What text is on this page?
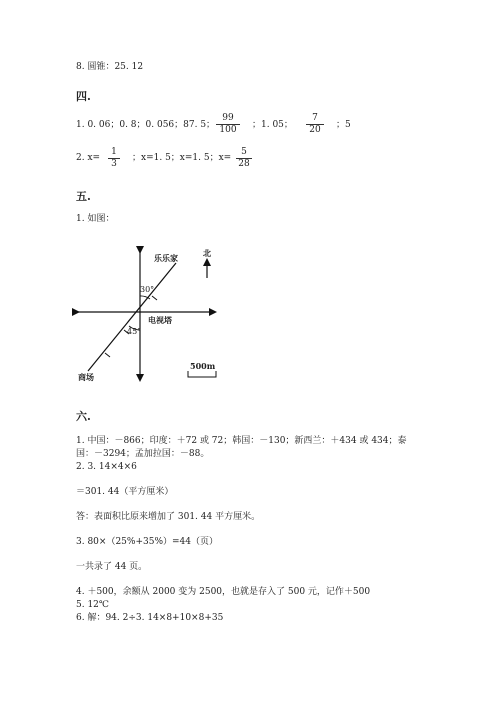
8. 圆锥：25. 12
四.
1. 0. 06；0. 8；0. 056；87. 5； $\frac{99}{100}$ ；1. 05； $\frac{7}{20}$ ；5
2. $x= \frac{1}{3}$ ；x=1. 5；x=1. 5；$x= \frac{5}{28}$
五.
1. 如图：
乐乐家	北
30°
电视塔
45°
商场
500m
六.
1. 中国：－866；印度：＋72 或 72；韩国：－130；新西兰：＋434 或 434；泰
国：－3294；孟加拉国：－88。
2. 3. 14×4×6
＝301. 44（平方厘米）
答：表面积比原来增加了 301. 44 平方厘米。
3. 80×（25%+35%）=44（页）
一共录了 44 页。
4. ＋500，余额从 2000 变为 2500，也就是存入了 500 元，记作＋500
5. 12℃
6. 解：94. 2÷3. 14×8+10×8+35
